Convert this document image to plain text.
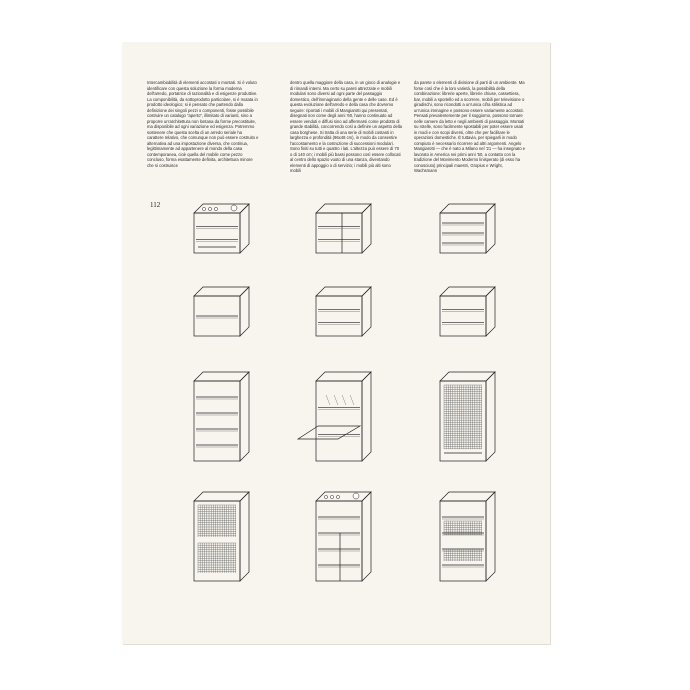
Intercambiabilità di elementi accostati o montati. Si è voluto identificare con questa soluzione la forma moderna dell'arredo, portatrice di razionalità e di esigenze produttive. La componibilità, da sottoprodotto particolare, si è mutata in prodotto ideologico; si è pensato che partendo dalla definizione dei singoli pezzi o componenti, fosse possibile costruire un catalogo "aperto", illimitato di varianti, sino a proporre un'architettura non lontana da forme precostituite, ma disponibile ad ogni variazione ed esigenza. Potremmo sostenere che questa scelta di un arredo seriale ha carattere relativo, che comunque non può essere costruito e alternativa ad una impostazione diversa, che continua, legittimamente ad appartenere al mondo della casa contemporanea, cioè quella del mobile come pezzo concluso, forma esattamente definita, architettura minore che si costruisce
dentro quella maggiore della casa, in un gioco di analogie e di rimandi interni. Ma certo su pareti attrezzate e mobili modulari sono diversi ad ogni parte del passaggio domestico, dell'immaginario della gente e delle case. Ed è questa evoluzione dell'arredo e della casa che dovremo seguire: riportati i mobili di Mangiarotti qui presentati, disegnati non come degli anni '60, hanno continuato ad essere venduti e diffusi sino ad affermarsi come prodotto di grande stabilità, concorrendo così a definire un aspetto della casa borghese. Si tratta di una serie di mobili costanti in larghezza e profondità (96x48 cm), in modo da consentire l'accostamento e la costruzione di successioni modulari. Sono finiti su tutti e quattro i lati. L'altezza può essere di 70 o di 140 cm; i mobili più bassi possono così essere collocati al centro dello spazio vuoto di una stanza, diventando elementi di appoggio o di servizio; i mobili più alti sono mobili
da parete o elementi di divisione di parti di un ambiente. Ma forse così che è la loro varietà, la possibilità della combinazione: librerie aperte, librerie chiuse, cassettiera, bar, mobili a sportello ed a scorrere, mobili per televisione o giradischi, sono ricondotti a un'unica cifra stilistica ad un'unica immagine e possono essere variamente accostati. Pensati prevalentemente per il soggiorno, possono tornare nelle camere da letto e negli ambienti di passaggio. Montati su rotelle, sono facilmente spostabili per poter essere usati in modi e con scopi diversi, oltre che per facilitare le operazioni domestiche. È tuttavia, per spiegarli in modo compiuto è necessario ricorrere ad altri argomenti. Angelo Mangiarotti — che è nato a Milano nel '21 — ha insegnato e lavorato in America nei primi anni '50, a contatto con la tradizione del Movimento Moderno linisperato (di esso ha conosciuto) principali maestri, Gropius e Wright, Wachsmann
112
